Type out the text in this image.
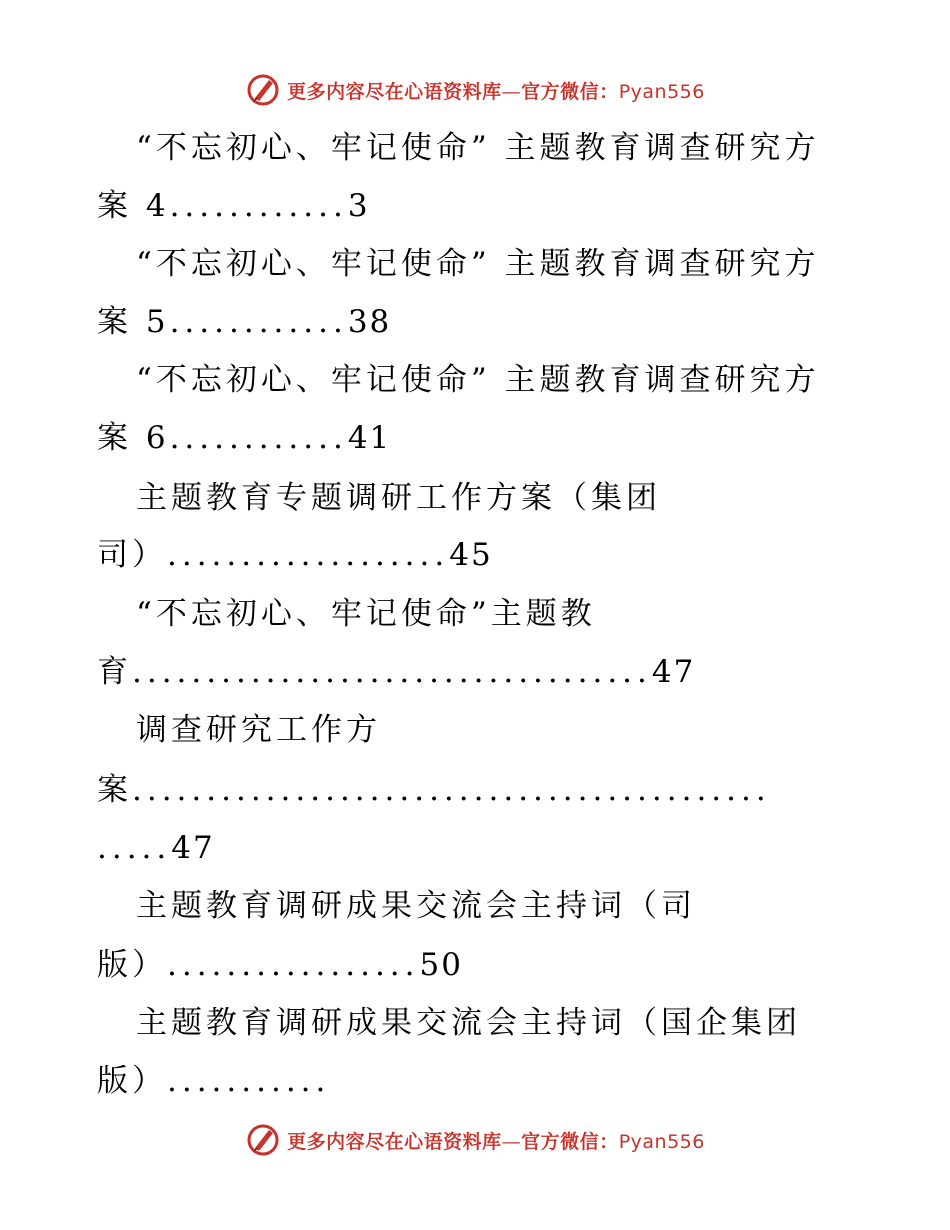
更多内容尽在心语资料库—官方微信：Pyan556
“不忘初心、牢记使命” 主题教育调查研究方
案 4............3
“不忘初心、牢记使命” 主题教育调查研究方
案 5............38
“不忘初心、牢记使命” 主题教育调查研究方
案 6............41
主题教育专题调研工作方案（集团
司）...................45
“不忘初心、牢记使命”主题教
育...................................47
调查研究工作方
案...........................................
.....47
主题教育调研成果交流会主持词（司
版）.................50
主题教育调研成果交流会主持词（国企集团
版）...........
更多内容尽在心语资料库—官方微信：Pyan556
